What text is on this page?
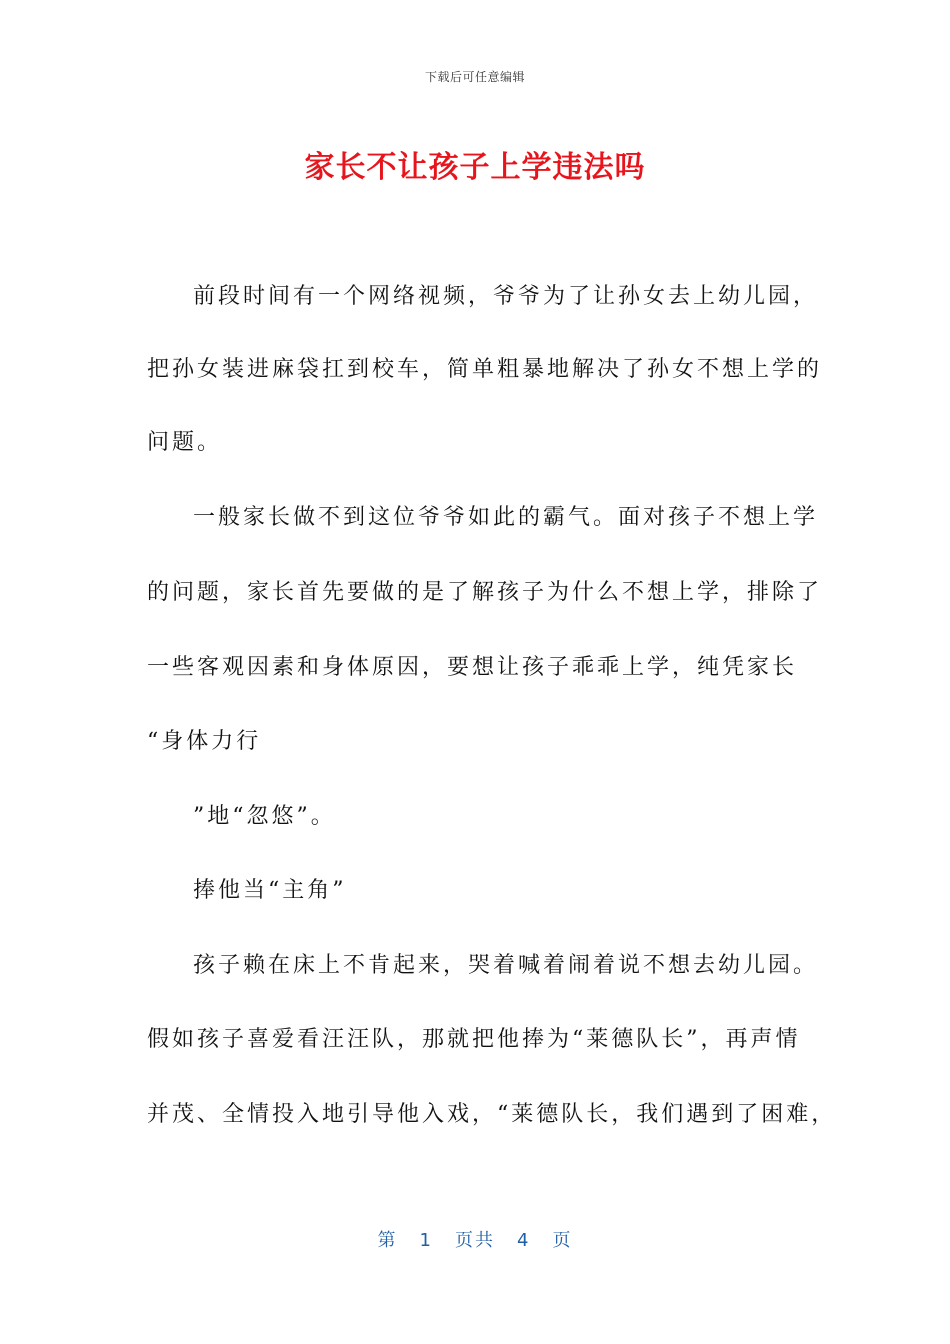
下载后可任意编辑
家长不让孩子上学违法吗
前段时间有一个网络视频，爷爷为了让孙女去上幼儿园，
把孙女装进麻袋扛到校车，简单粗暴地解决了孙女不想上学的
问题。
一般家长做不到这位爷爷如此的霸气。面对孩子不想上学
的问题，家长首先要做的是了解孩子为什么不想上学，排除了
一些客观因素和身体原因，要想让孩子乖乖上学，纯凭家长
“身体力行
”地“忽悠”。
捧他当“主角”
孩子赖在床上不肯起来，哭着喊着闹着说不想去幼儿园。
假如孩子喜爱看汪汪队，那就把他捧为“莱德队长”，再声情
并茂、全情投入地引导他入戏，“莱德队长，我们遇到了困难，
第 1 页共 4 页
